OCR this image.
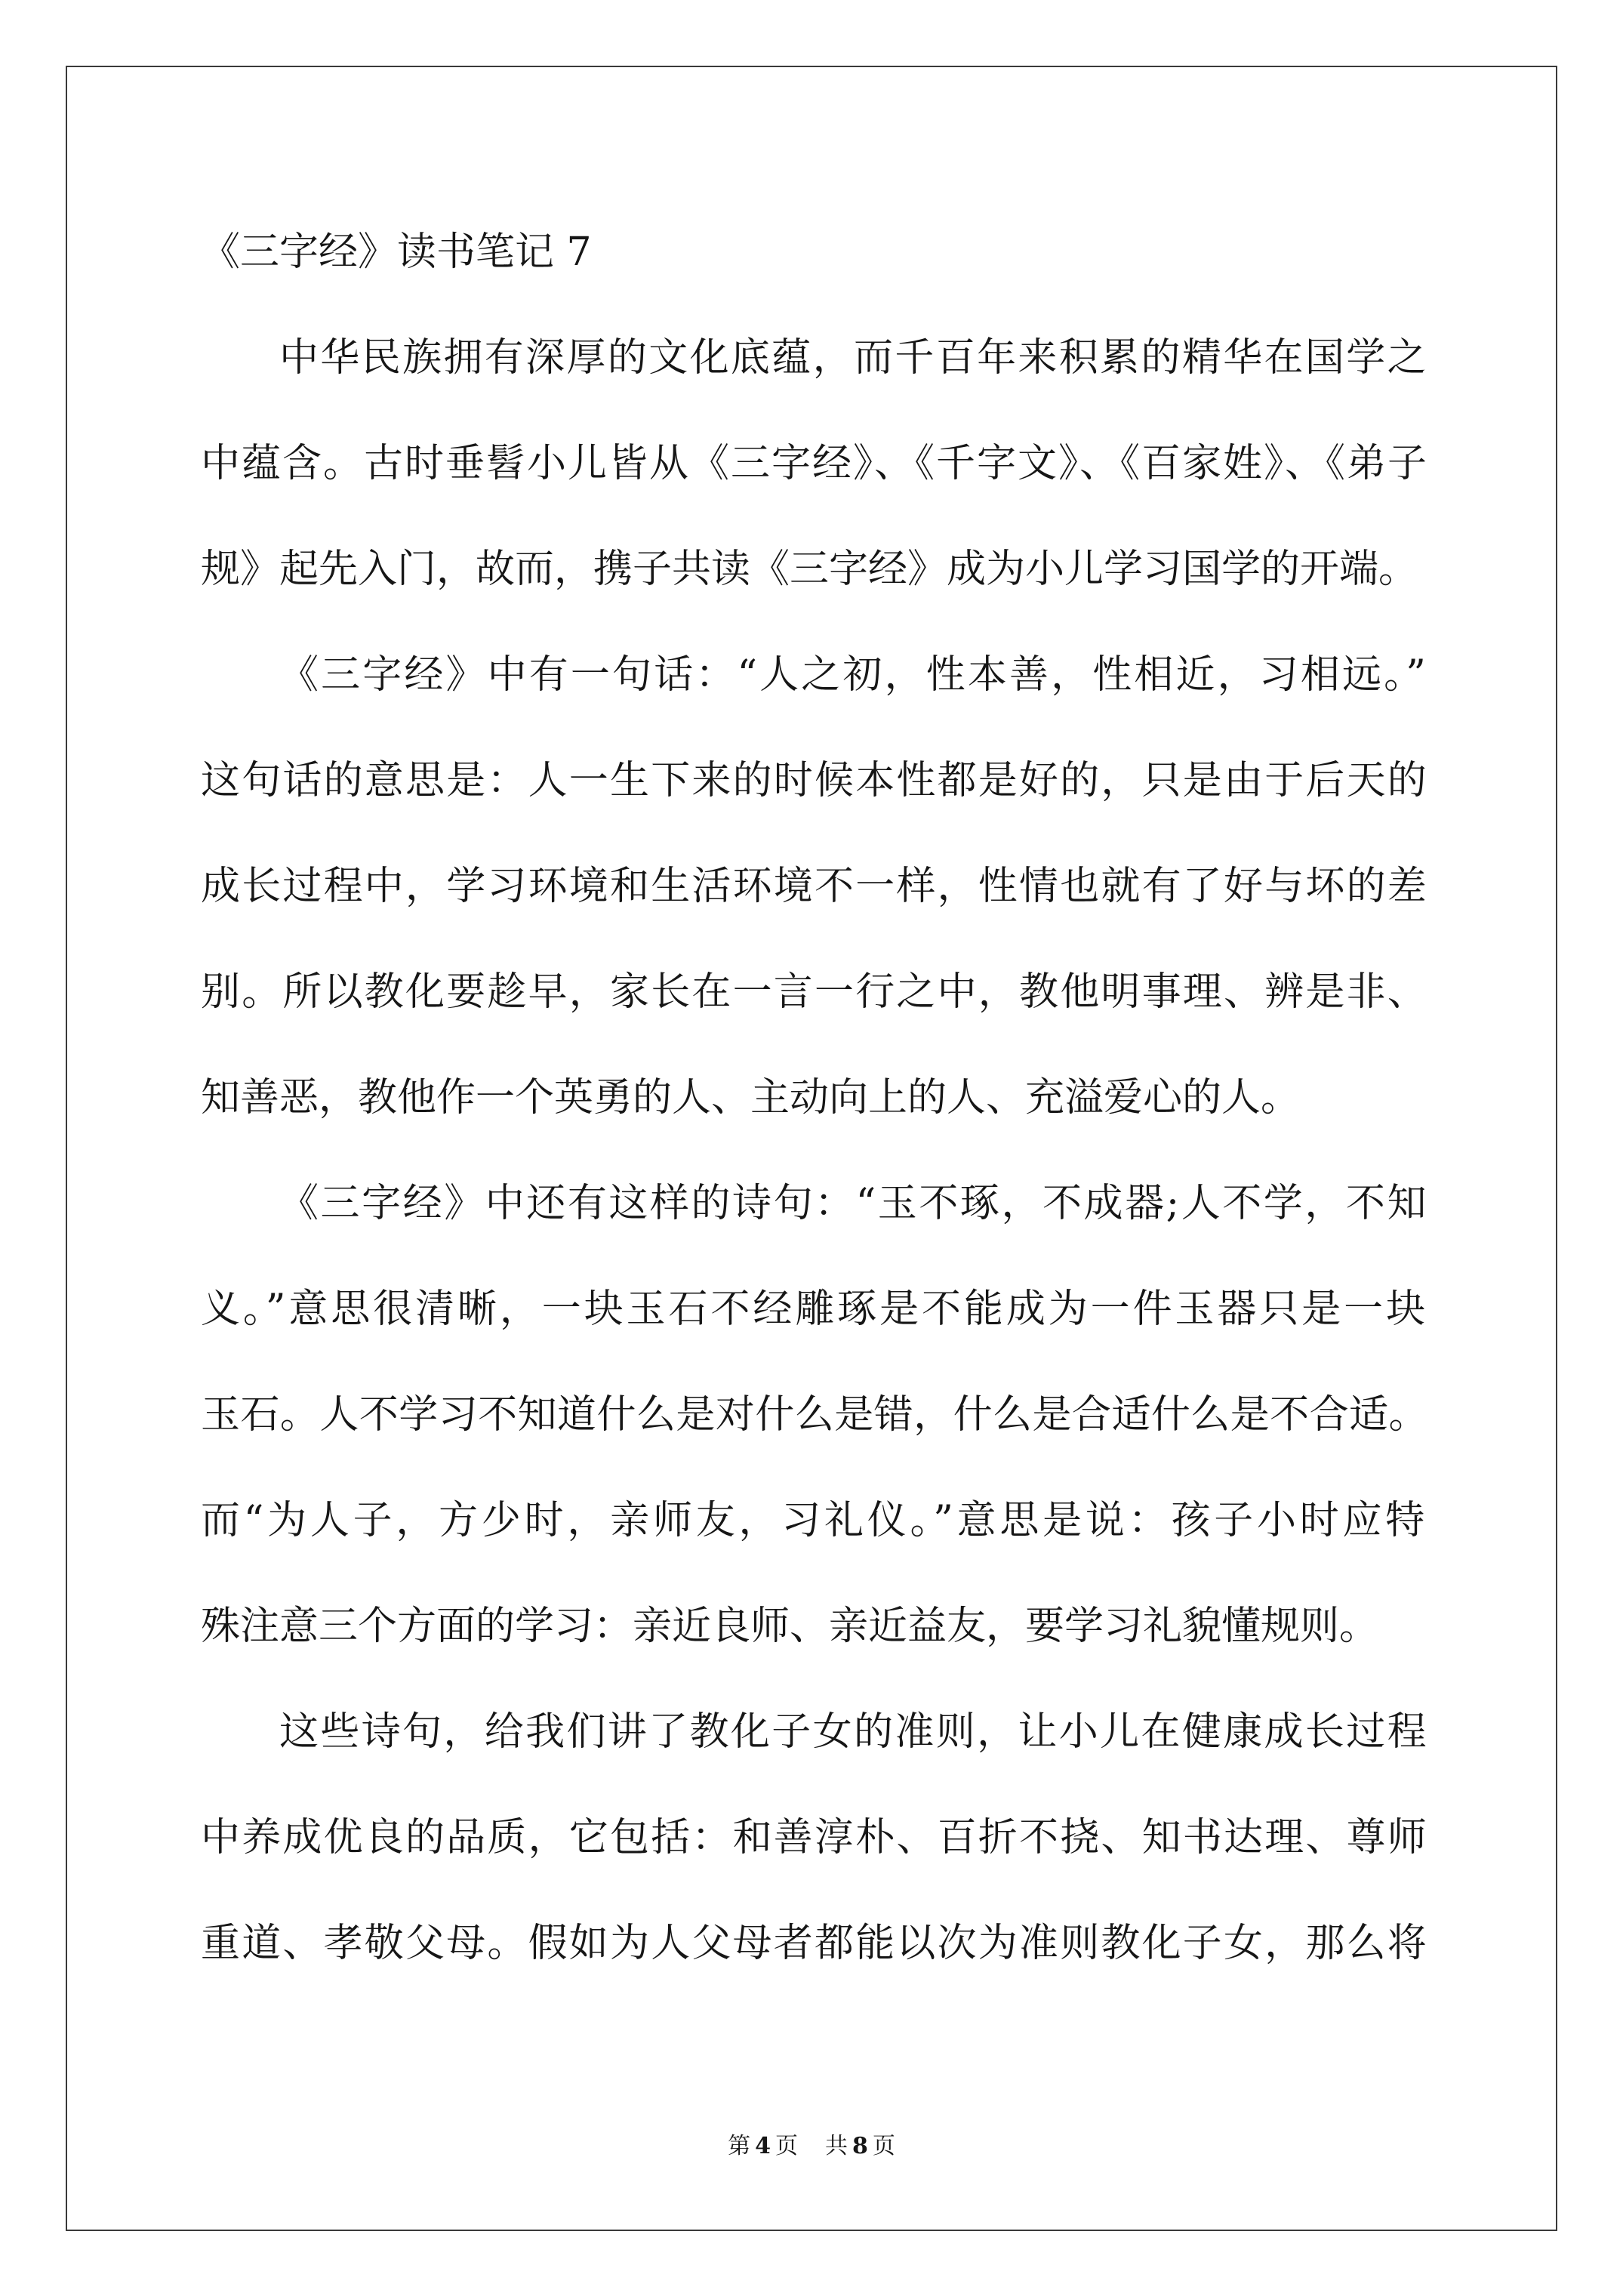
《三字经》读书笔记 7
中华民族拥有深厚的文化底蕴，而千百年来积累的精华在国学之
中蕴含。古时垂髫小儿皆从《三字经》、《千字文》、《百家姓》、《弟子
规》起先入门，故而，携子共读《三字经》成为小儿学习国学的开端。
《三字经》中有一句话：“人之初，性本善，性相近，习相远。”
这句话的意思是：人一生下来的时候本性都是好的，只是由于后天的
成长过程中，学习环境和生活环境不一样，性情也就有了好与坏的差
别。所以教化要趁早，家长在一言一行之中，教他明事理、辨是非、
知善恶，教他作一个英勇的人、主动向上的人、充溢爱心的人。
《三字经》中还有这样的诗句：“玉不琢，不成器;人不学，不知
义。”意思很清晰，一块玉石不经雕琢是不能成为一件玉器只是一块
玉石。人不学习不知道什么是对什么是错，什么是合适什么是不合适。
而“为人子，方少时，亲师友，习礼仪。”意思是说：孩子小时应特
殊注意三个方面的学习：亲近良师、亲近益友，要学习礼貌懂规则。
这些诗句，给我们讲了教化子女的准则，让小儿在健康成长过程
中养成优良的品质，它包括：和善淳朴、百折不挠、知书达理、尊师
重道、孝敬父母。假如为人父母者都能以次为准则教化子女，那么将
第 4 页 共 8 页
